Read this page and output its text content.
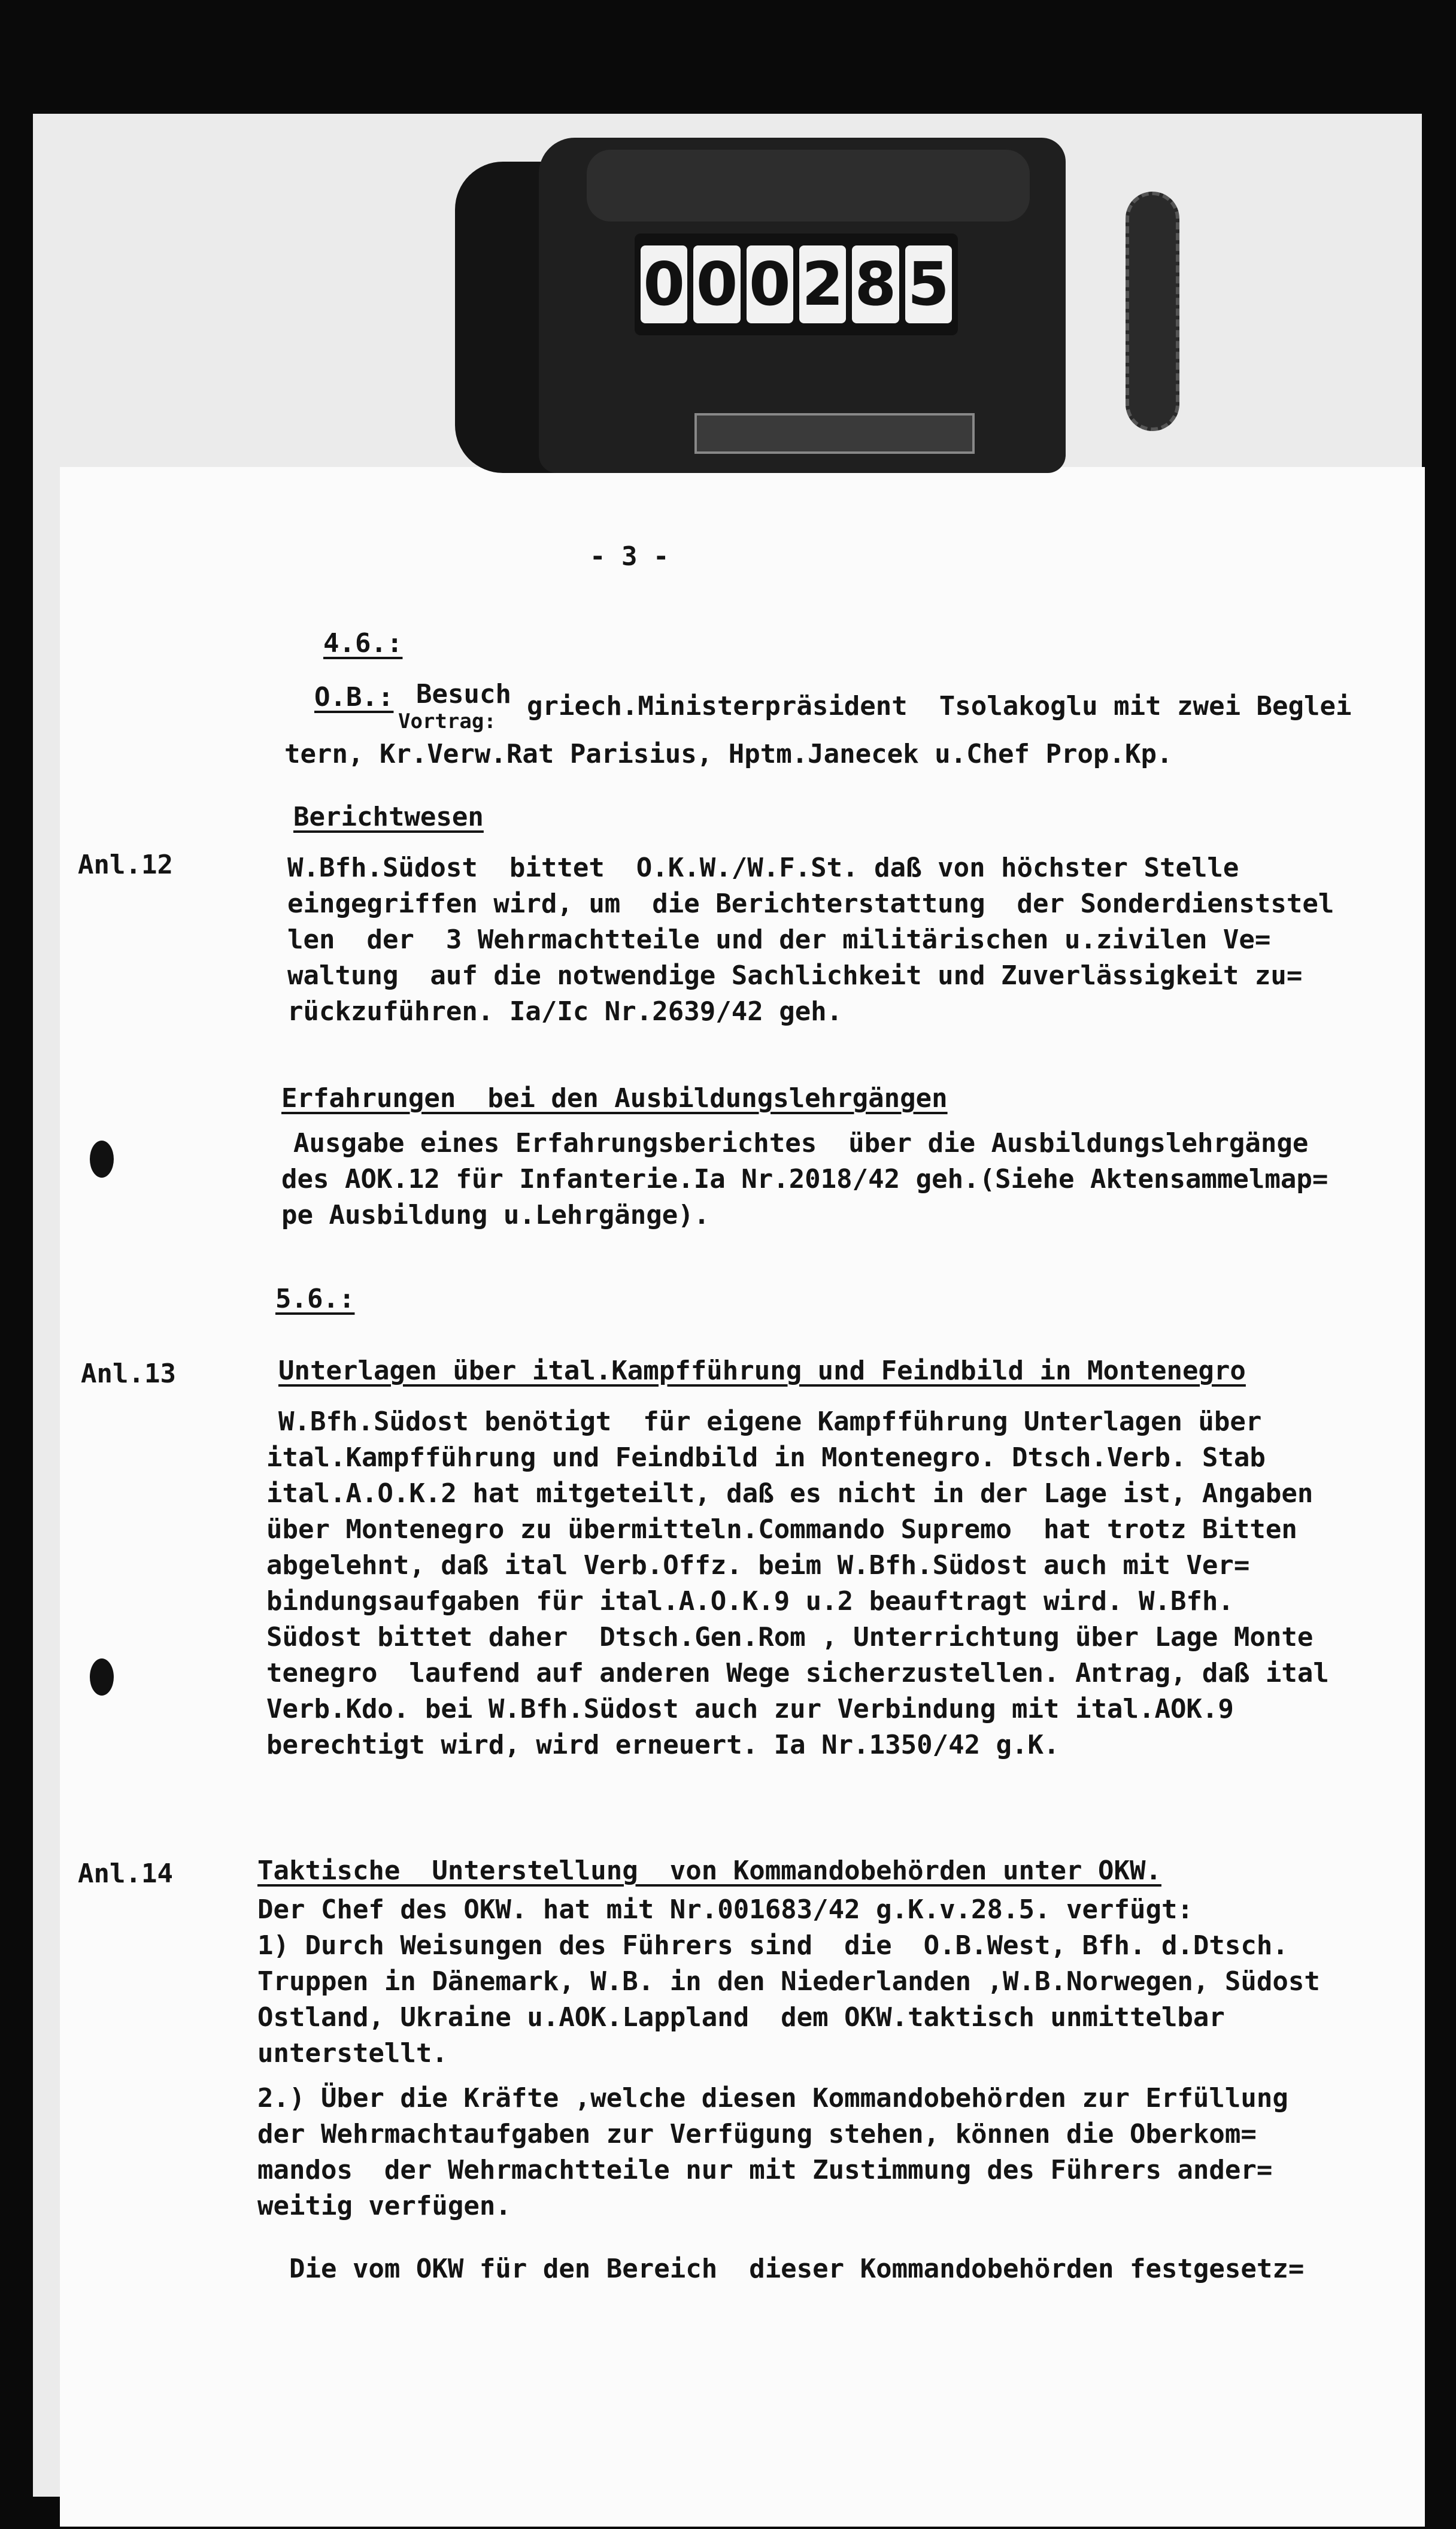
0 0 0 2 8 5
- 3 -
4.6.:
O.B.: Besuch
Vortrag: griech.Ministerpräsident  Tsolakoglu mit zwei Beglei
tern, Kr.Verw.Rat Parisius, Hptm.Janecek u.Chef Prop.Kp.
Berichtwesen
Anl.12	W.Bfh.Südost  bittet  O.K.W./W.F.St. daß von höchster Stelle
eingegriffen wird, um  die Berichterstattung  der Sonderdienststel
len  der  3 Wehrmachtteile und der militärischen u.zivilen Ve=
waltung  auf die notwendige Sachlichkeit und Zuverlässigkeit zu=
rückzuführen. Ia/Ic Nr.2639/42 geh.
Erfahrungen  bei den Ausbildungslehrgängen
Ausgabe eines Erfahrungsberichtes  über die Ausbildungslehrgänge
des AOK.12 für Infanterie.Ia Nr.2018/42 geh.(Siehe Aktensammelmap=
pe Ausbildung u.Lehrgänge).
5.6.:
Anl.13	Unterlagen über ital.Kampfführung und Feindbild in Montenegro
W.Bfh.Südost benötigt  für eigene Kampfführung Unterlagen über
ital.Kampfführung und Feindbild in Montenegro. Dtsch.Verb. Stab
ital.A.O.K.2 hat mitgeteilt, daß es nicht in der Lage ist, Angaben
über Montenegro zu übermitteln.Commando Supremo  hat trotz Bitten
abgelehnt, daß ital Verb.Offz. beim W.Bfh.Südost auch mit Ver=
bindungsaufgaben für ital.A.O.K.9 u.2 beauftragt wird. W.Bfh.
Südost bittet daher  Dtsch.Gen.Rom , Unterrichtung über Lage Monte
tenegro  laufend auf anderen Wege sicherzustellen. Antrag, daß ital
Verb.Kdo. bei W.Bfh.Südost auch zur Verbindung mit ital.AOK.9
berechtigt wird, wird erneuert. Ia Nr.1350/42 g.K.
Anl.14	Taktische  Unterstellung  von Kommandobehörden unter OKW.
Der Chef des OKW. hat mit Nr.001683/42 g.K.v.28.5. verfügt:
1) Durch Weisungen des Führers sind  die  O.B.West, Bfh. d.Dtsch.
Truppen in Dänemark, W.B. in den Niederlanden ,W.B.Norwegen, Südost
Ostland, Ukraine u.AOK.Lappland  dem OKW.taktisch unmittelbar
unterstellt.
2.) Über die Kräfte ,welche diesen Kommandobehörden zur Erfüllung
der Wehrmachtaufgaben zur Verfügung stehen, können die Oberkom=
mandos  der Wehrmachtteile nur mit Zustimmung des Führers ander=
weitig verfügen.
Die vom OKW für den Bereich  dieser Kommandobehörden festgesetz=
